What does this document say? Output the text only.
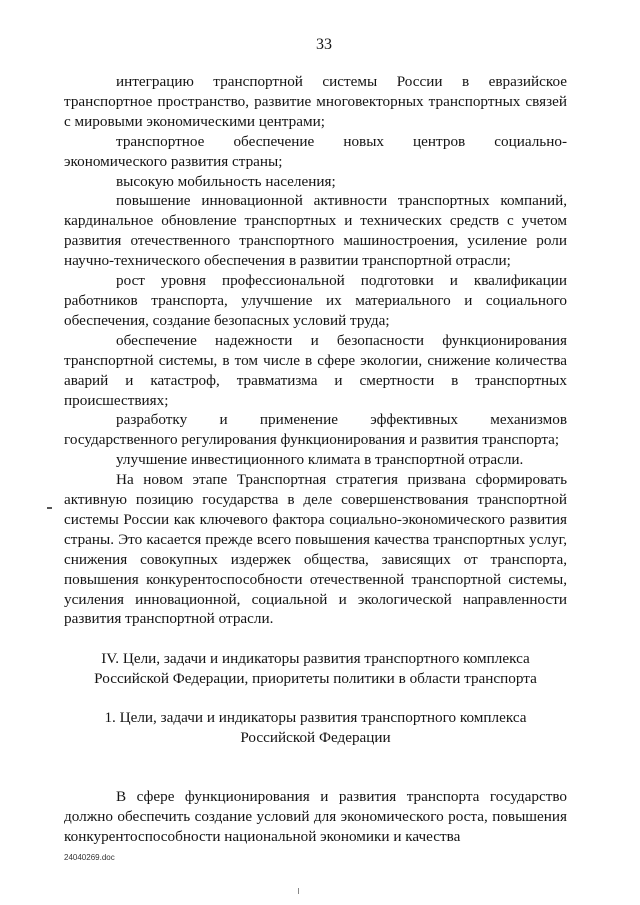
33

интеграцию транспортной системы России в евразийское транспортное пространство, развитие многовекторных транспортных связей с мировыми экономическими центрами;

транспортное обеспечение новых центров социально-экономического развития страны;

высокую мобильность населения;

повышение инновационной активности транспортных компаний, кардинальное обновление транспортных и технических средств с учетом развития отечественного транспортного машиностроения, усиление роли научно-технического обеспечения в развитии транспортной отрасли;

рост уровня профессиональной подготовки и квалификации работников транспорта, улучшение их материального и социального обеспечения, создание безопасных условий труда;

обеспечение надежности и безопасности функционирования транспортной системы, в том числе в сфере экологии, снижение количества аварий и катастроф, травматизма и смертности в транспортных происшествиях;

разработку и применение эффективных механизмов государственного регулирования функционирования и развития транспорта;

улучшение инвестиционного климата в транспортной отрасли.

На новом этапе Транспортная стратегия призвана сформировать активную позицию государства в деле совершенствования транспортной системы России как ключевого фактора социально-экономического развития страны. Это касается прежде всего повышения качества транспортных услуг, снижения совокупных издержек общества, зависящих от транспорта, повышения конкурентоспособности отечественной транспортной системы, усиления инновационной, социальной и экологической направленности развития транспортной отрасли.

IV. Цели, задачи и индикаторы развития транспортного комплекса
Российской Федерации, приоритеты политики в области транспорта
1. Цели, задачи и индикаторы развития транспортного комплекса
Российской Федерации

В сфере функционирования и развития транспорта государство должно обеспечить создание условий для экономического роста, повышения конкурентоспособности национальной экономики и качества

24040269.doc
